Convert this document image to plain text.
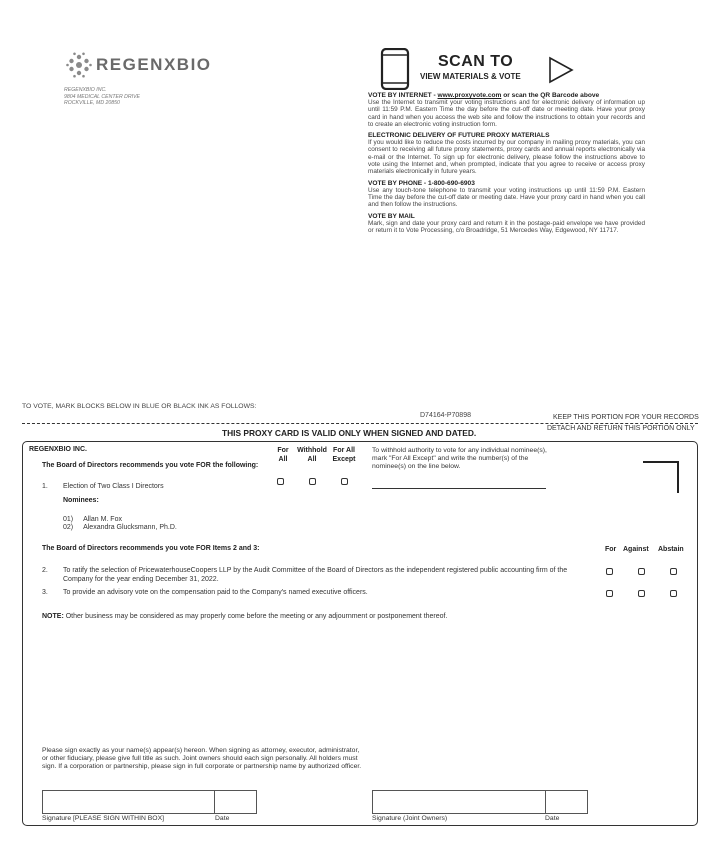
REGENXBIO
REGENXBIO INC.
9804 MEDICAL CENTER DRIVE
ROCKVILLE, MD 20850
SCAN TO
VIEW MATERIALS & VOTE
VOTE BY INTERNET - www.proxyvote.com or scan the QR Barcode above
Use the Internet to transmit your voting instructions and for electronic delivery of information up until 11:59 P.M. Eastern Time the day before the cut-off date or meeting date. Have your proxy card in hand when you access the web site and follow the instructions to obtain your records and to create an electronic voting instruction form.
ELECTRONIC DELIVERY OF FUTURE PROXY MATERIALS
If you would like to reduce the costs incurred by our company in mailing proxy materials, you can consent to receiving all future proxy statements, proxy cards and annual reports electronically via e-mail or the Internet. To sign up for electronic delivery, please follow the instructions above to vote using the Internet and, when prompted, indicate that you agree to receive or access proxy materials electronically in future years.
VOTE BY PHONE - 1-800-690-6903
Use any touch-tone telephone to transmit your voting instructions up until 11:59 P.M. Eastern Time the day before the cut-off date or meeting date. Have your proxy card in hand when you call and then follow the instructions.
VOTE BY MAIL
Mark, sign and date your proxy card and return it in the postage-paid envelope we have provided or return it to Vote Processing, c/o Broadridge, 51 Mercedes Way, Edgewood, NY 11717.
TO VOTE, MARK BLOCKS BELOW IN BLUE OR BLACK INK AS FOLLOWS:
D74164-P70898	KEEP THIS PORTION FOR YOUR RECORDS
DETACH AND RETURN THIS PORTION ONLY
THIS PROXY CARD IS VALID ONLY WHEN SIGNED AND DATED.
REGENXBIO INC.
The Board of Directors recommends you vote FOR the following:
For
All
Withhold
All
For All
Except
To withhold authority to vote for any individual nominee(s), mark "For All Except" and write the number(s) of the nominee(s) on the line below.
1. Election of Two Class I Directors
Nominees:
01) Allan M. Fox
02) Alexandra Glucksmann, Ph.D.
The Board of Directors recommends you vote FOR Items 2 and 3:	For Against Abstain
2. To ratify the selection of PricewaterhouseCoopers LLP by the Audit Committee of the Board of Directors as the independent registered public accounting firm of the Company for the year ending December 31, 2022.
3. To provide an advisory vote on the compensation paid to the Company's named executive officers.
NOTE: Other business may be considered as may properly come before the meeting or any adjournment or postponement thereof.
Please sign exactly as your name(s) appear(s) hereon. When signing as attorney, executor, administrator, or other fiduciary, please give full title as such. Joint owners should each sign personally. All holders must sign. If a corporation or partnership, please sign in full corporate or partnership name by authorized officer.
Signature [PLEASE SIGN WITHIN BOX]	Date	Signature (Joint Owners)	Date
